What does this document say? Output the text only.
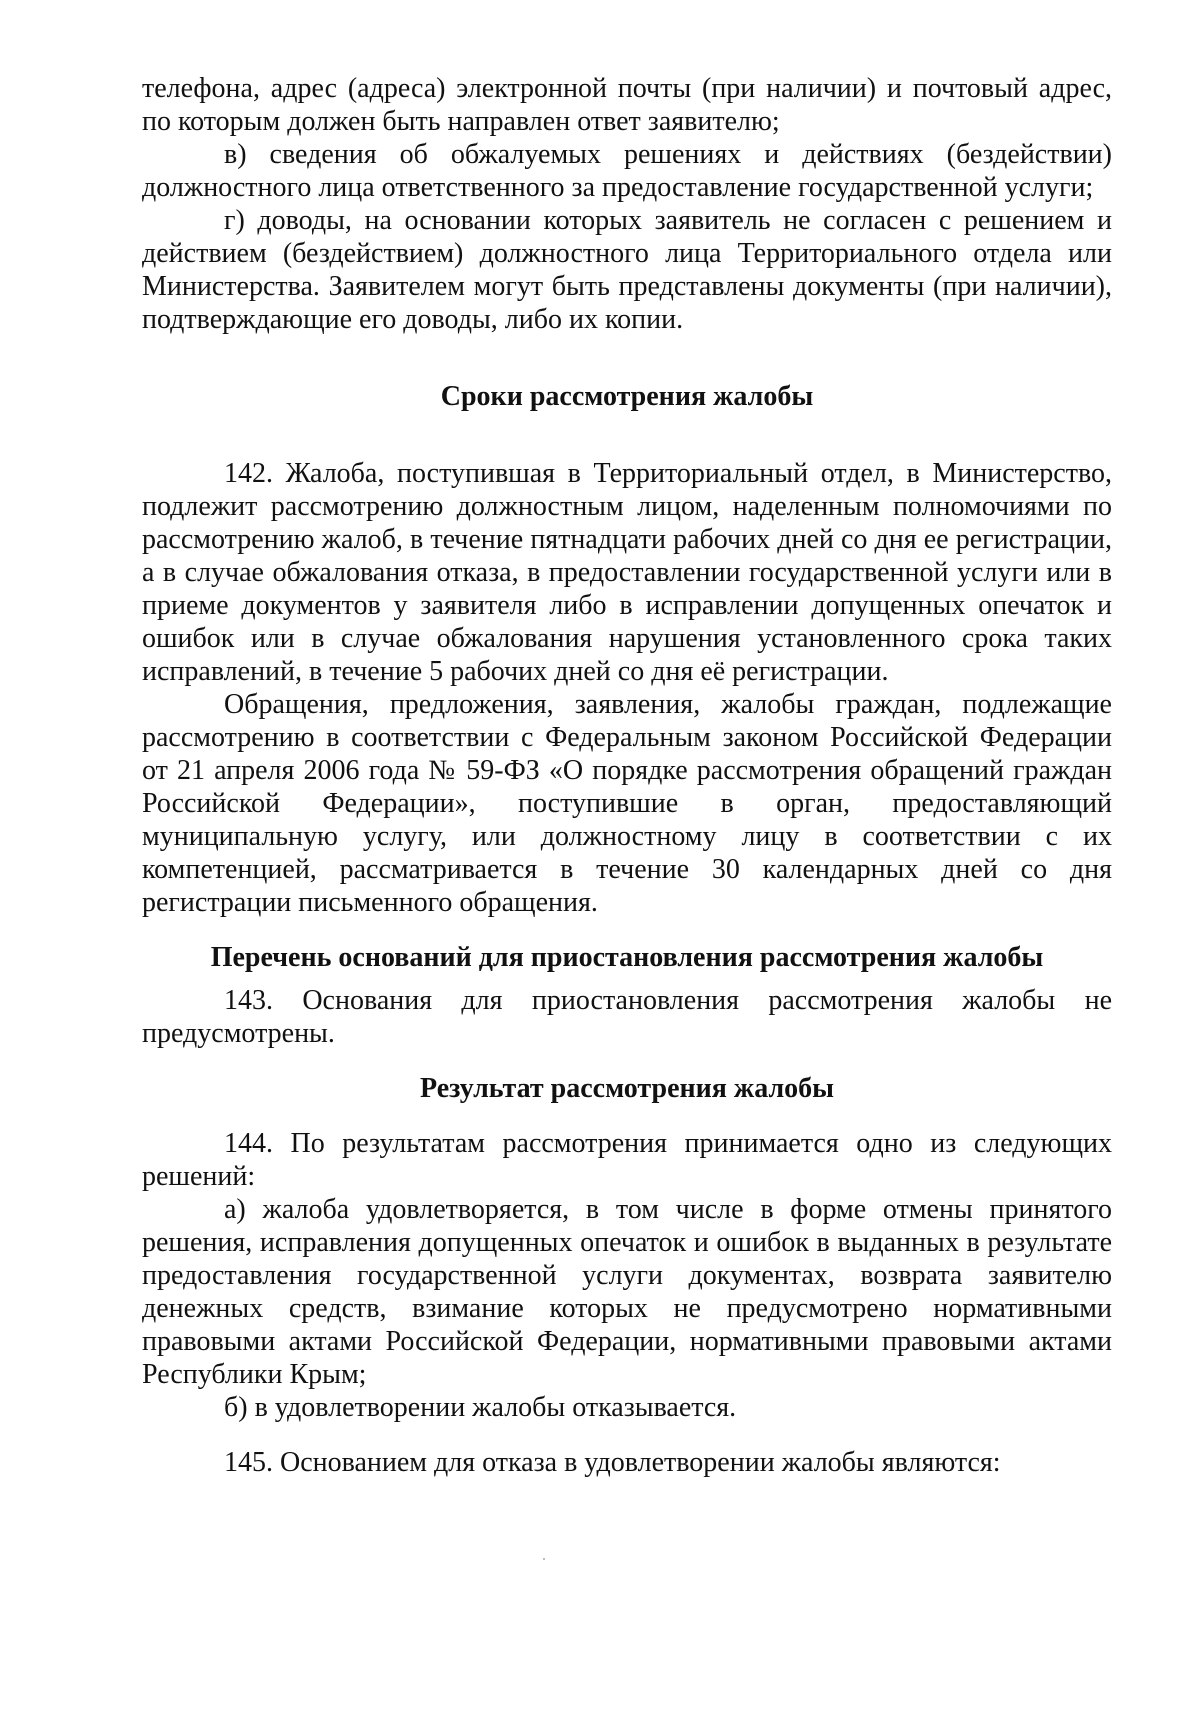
телефона, адрес (адреса) электронной почты (при наличии) и почтовый адрес, по которым должен быть направлен ответ заявителю;

в) сведения об обжалуемых решениях и действиях (бездействии) должностного лица ответственного за предоставление государственной услуги;

г) доводы, на основании которых заявитель не согласен с решением и действием (бездействием) должностного лица Территориального отдела или Министерства. Заявителем могут быть представлены документы (при наличии), подтверждающие его доводы, либо их копии.

Сроки рассмотрения жалобы

142. Жалоба, поступившая в Территориальный отдел, в Министерство, подлежит рассмотрению должностным лицом, наделенным полномочиями по рассмотрению жалоб, в течение пятнадцати рабочих дней со дня ее регистрации, а в случае обжалования отказа, в предоставлении государственной услуги или в приеме документов у заявителя либо в исправлении допущенных опечаток и ошибок или в случае обжалования нарушения установленного срока таких исправлений, в течение 5 рабочих дней со дня её регистрации.

Обращения, предложения, заявления, жалобы граждан, подлежащие рассмотрению в соответствии с Федеральным законом Российской Федерации от 21 апреля 2006 года № 59-ФЗ «О порядке рассмотрения обращений граждан Российской Федерации», поступившие в орган, предоставляющий муниципальную услугу, или должностному лицу в соответствии с их компетенцией, рассматривается в течение 30 календарных дней со дня регистрации письменного обращения.

Перечень оснований для приостановления рассмотрения жалобы

143. Основания для приостановления рассмотрения жалобы не предусмотрены.

Результат рассмотрения жалобы

144. По результатам рассмотрения принимается одно из следующих решений:

а) жалоба удовлетворяется, в том числе в форме отмены принятого решения, исправления допущенных опечаток и ошибок в выданных в результате предоставления государственной услуги документах, возврата заявителю денежных средств, взимание которых не предусмотрено нормативными правовыми актами Российской Федерации, нормативными правовыми актами Республики Крым;

б) в удовлетворении жалобы отказывается.

145. Основанием для отказа в удовлетворении жалобы являются:
